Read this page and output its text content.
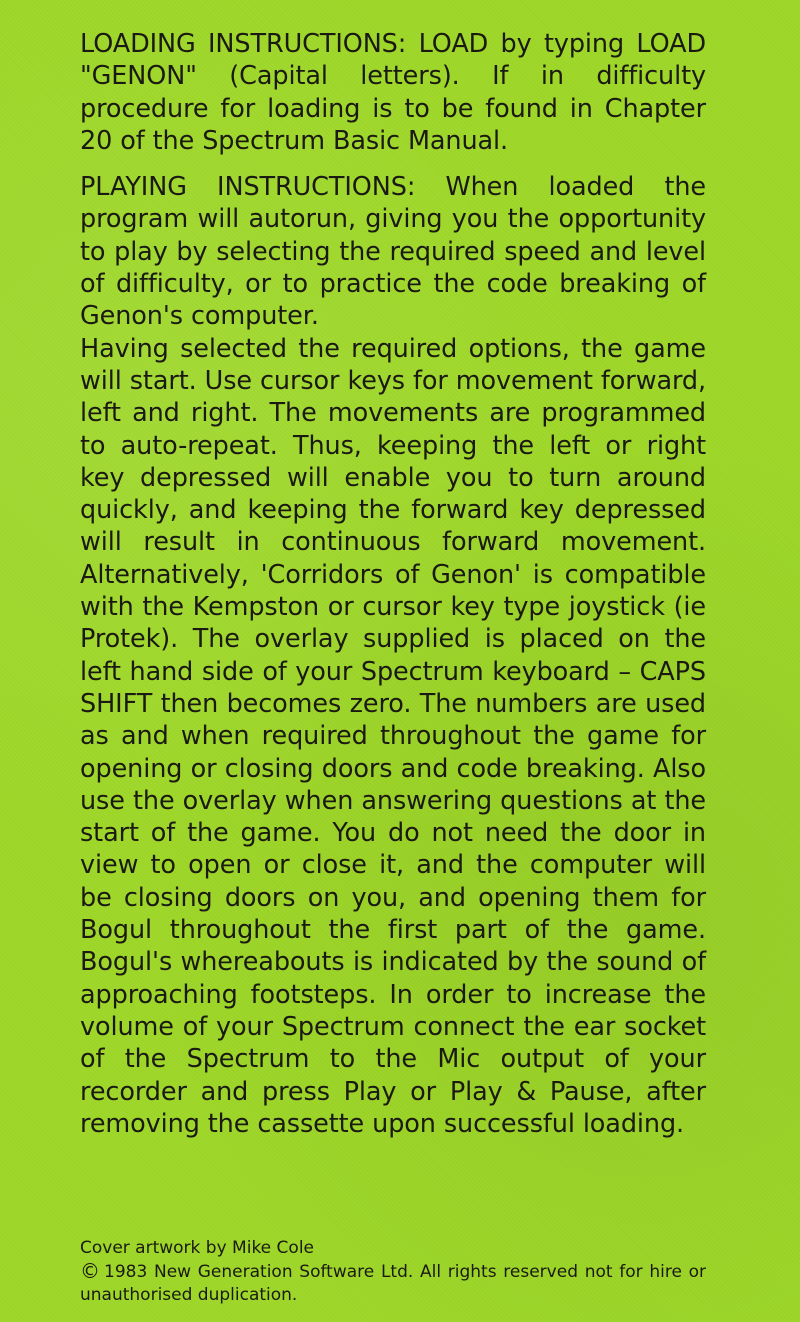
LOADING INSTRUCTIONS: LOAD by typing LOAD "GENON" (Capital letters). If in difficulty procedure for loading is to be found in Chapter 20 of the Spectrum Basic Manual.

PLAYING INSTRUCTIONS: When loaded the program will autorun, giving you the opportunity to play by selecting the required speed and level of difficulty, or to practice the code breaking of Genon's computer.

Having selected the required options, the game will start. Use cursor keys for movement forward, left and right. The movements are programmed to auto-repeat. Thus, keeping the left or right key depressed will enable you to turn around quickly, and keeping the forward key depressed will result in continuous forward movement. Alternatively, 'Corridors of Genon' is compatible with the Kempston or cursor key type joystick (ie Protek). The overlay supplied is placed on the left hand side of your Spectrum keyboard – CAPS SHIFT then becomes zero. The numbers are used as and when required throughout the game for opening or closing doors and code breaking. Also use the overlay when answering questions at the start of the game. You do not need the door in view to open or close it, and the computer will be closing doors on you, and opening them for Bogul throughout the first part of the game. Bogul's whereabouts is indicated by the sound of approaching footsteps. In order to increase the volume of your Spectrum connect the ear socket of the Spectrum to the Mic output of your recorder and press Play or Play & Pause, after removing the cassette upon successful loading.

Cover artwork by Mike Cole

© 1983 New Generation Software Ltd. All rights reserved not for hire or unauthorised duplication.
